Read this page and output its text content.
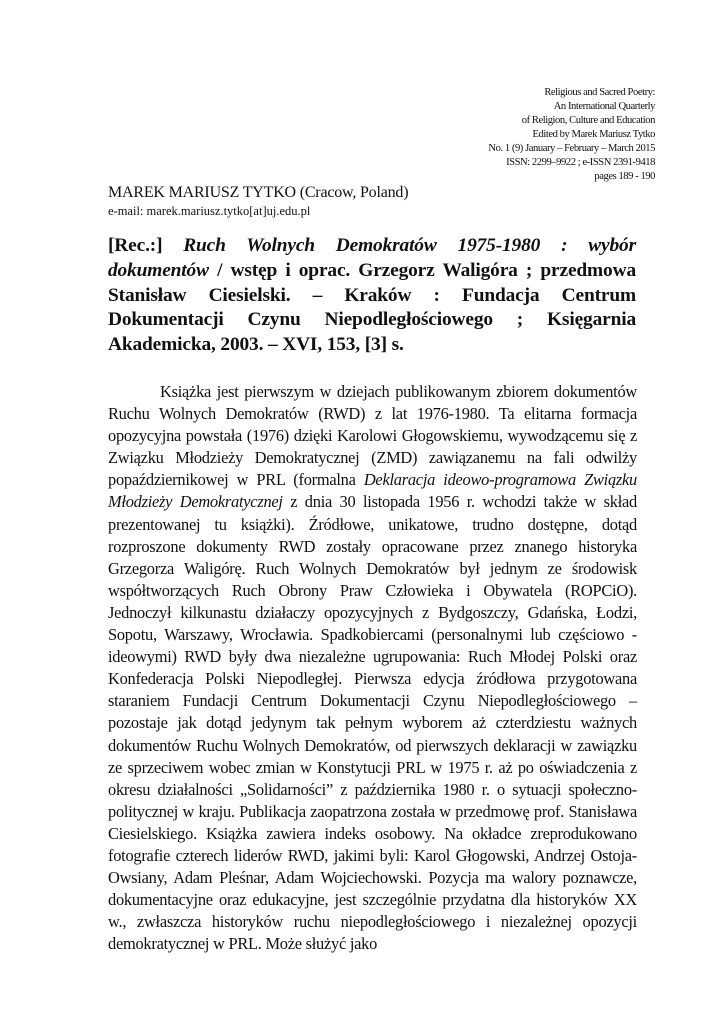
Religious and Sacred Poetry:
An International Quarterly
of Religion, Culture and Education
Edited by Marek Mariusz Tytko
No. 1 (9) January – February – March 2015
ISSN: 2299–9922 ; e-ISSN 2391-9418
pages 189 - 190
MAREK MARIUSZ TYTKO (Cracow, Poland)
e-mail: marek.mariusz.tytko[at]uj.edu.pl
[Rec.:] Ruch Wolnych Demokratów 1975-1980 : wybór dokumentów / wstęp i oprac. Grzegorz Waligóra ; przedmowa Stanisław Ciesielski. – Kraków : Fundacja Centrum Dokumentacji Czynu Niepodległościowego ; Księgarnia Akademicka, 2003. – XVI, 153, [3] s.

Książka jest pierwszym w dziejach publikowanym zbiorem dokumentów Ruchu Wolnych Demokratów (RWD) z lat 1976-1980. Ta elitarna formacja opozycyjna powstała (1976) dzięki Karolowi Głogowskiemu, wywodzącemu się z Związku Młodzieży Demokratycznej (ZMD) zawiązanemu na fali odwilży popaździernikowej w PRL (formalna Deklaracja ideowo-programowa Związku Młodzieży Demokratycznej z dnia 30 listopada 1956 r. wchodzi także w skład prezentowanej tu książki). Źródłowe, unikatowe, trudno dostępne, dotąd rozproszone dokumenty RWD zostały opracowane przez znanego historyka Grzegorza Waligórę. Ruch Wolnych Demokratów był jednym ze środowisk współtworzących Ruch Obrony Praw Człowieka i Obywatela (ROPCiO). Jednoczył kilkunastu działaczy opozycyjnych z Bydgoszczy, Gdańska, Łodzi, Sopotu, Warszawy, Wrocławia. Spadkobiercami (personalnymi lub częściowo - ideowymi) RWD były dwa niezależne ugrupowania: Ruch Młodej Polski oraz Konfederacja Polski Niepodległej. Pierwsza edycja źródłowa przygotowana staraniem Fundacji Centrum Dokumentacji Czynu Niepodległościowego – pozostaje jak dotąd jedynym tak pełnym wyborem aż czterdziestu ważnych dokumentów Ruchu Wolnych Demokratów, od pierwszych deklaracji w zawiązku ze sprzeciwem wobec zmian w Konstytucji PRL w 1975 r. aż po oświadczenia z okresu działalności „Solidarności” z października 1980 r. o sytuacji społeczno-politycznej w kraju. Publikacja zaopatrzona została w przedmowę prof. Stanisława Ciesielskiego. Książka zawiera indeks osobowy. Na okładce zreprodukowano fotografie czterech liderów RWD, jakimi byli: Karol Głogowski, Andrzej Ostoja-Owsiany, Adam Pleśnar, Adam Wojciechowski. Pozycja ma walory poznawcze, dokumentacyjne oraz edukacyjne, jest szczególnie przydatna dla historyków XX w., zwłaszcza historyków ruchu niepodległościowego i niezależnej opozycji demokratycznej w PRL. Może służyć jako
